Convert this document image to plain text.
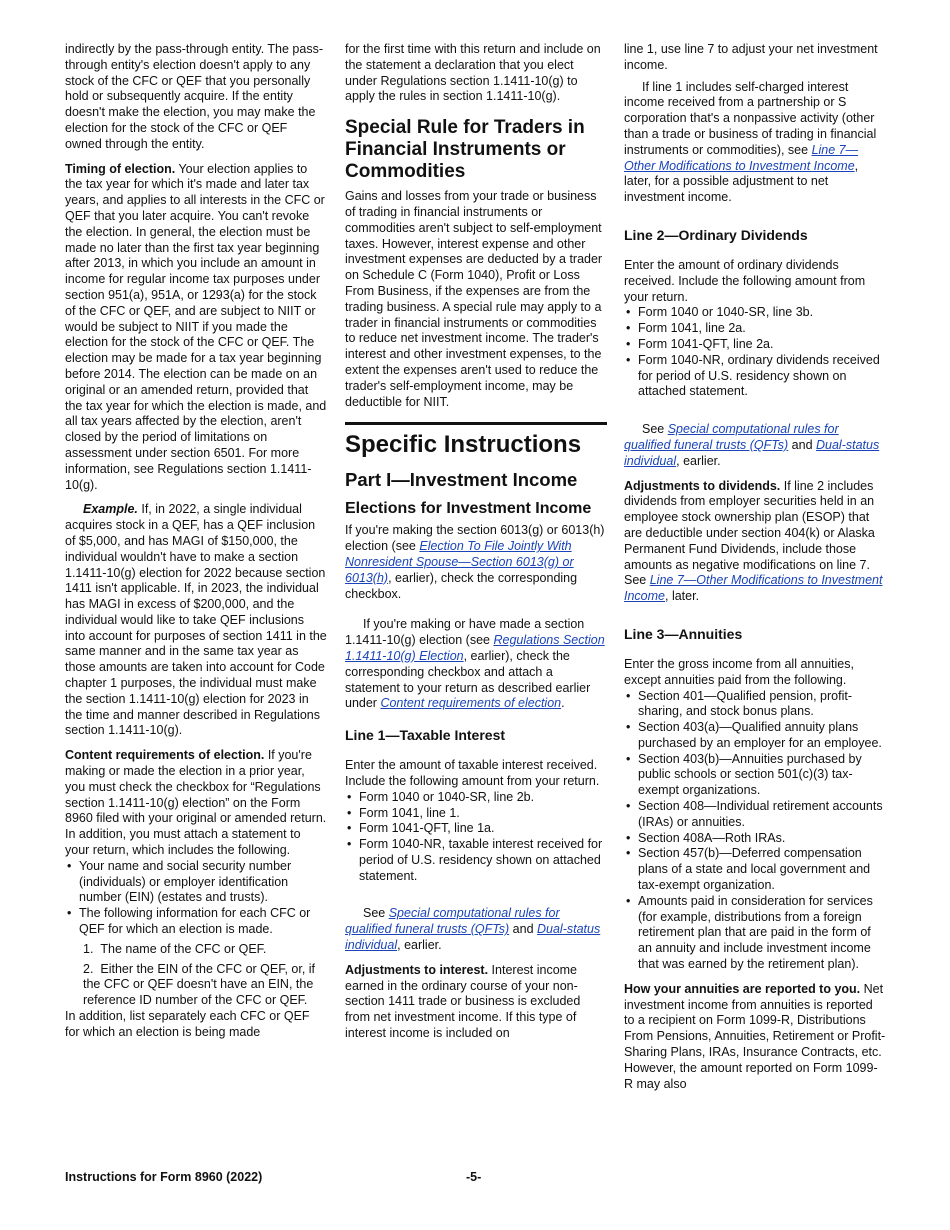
indirectly by the pass-through entity. The pass-through entity's election doesn't apply to any stock of the CFC or QEF that you personally hold or subsequently acquire. If the entity doesn't make the election, you may make the election for the stock of the CFC or QEF owned through the entity.

Timing of election. Your election applies to the tax year for which it's made and later tax years, and applies to all interests in the CFC or QEF that you later acquire. You can't revoke the election. In general, the election must be made no later than the first tax year beginning after 2013, in which you include an amount in income for regular income tax purposes under section 951(a), 951A, or 1293(a) for the stock of the CFC or QEF, and are subject to NIIT or would be subject to NIIT if you made the election for the stock of the CFC or QEF. The election may be made for a tax year beginning before 2014. The election can be made on an original or an amended return, provided that the tax year for which the election is made, and all tax years affected by the election, aren't closed by the period of limitations on assessment under section 6501. For more information, see Regulations section 1.1411-10(g).

Example. If, in 2022, a single individual acquires stock in a QEF, has a QEF inclusion of $5,000, and has MAGI of $150,000, the individual wouldn't have to make a section 1.1411-10(g) election for 2022 because section 1411 isn't applicable. If, in 2023, the individual has MAGI in excess of $200,000, and the individual would like to take QEF inclusions into account for purposes of section 1411 in the same manner and in the same tax year as those amounts are taken into account for Code chapter 1 purposes, the individual must make the section 1.1411-10(g) election for 2023 in the time and manner described in Regulations section 1.1411-10(g).

Content requirements of election. If you're making or made the election in a prior year, you must check the checkbox for “Regulations section 1.1411-10(g) election” on the Form 8960 filed with your original or amended return. In addition, you must attach a statement to your return, which includes the following.

• Your name and social security number (individuals) or employer identification number (EIN) (estates and trusts).

• The following information for each CFC or QEF for which an election is made.

1.  The name of the CFC or QEF.

2.  Either the EIN of the CFC or QEF, or, if the CFC or QEF doesn't have an EIN, the reference ID number of the CFC or QEF.

In addition, list separately each CFC or QEF for which an election is being made

for the first time with this return and include on the statement a declaration that you elect under Regulations section 1.1411-10(g) to apply the rules in section 1.1411-10(g).

Special Rule for Traders in Financial Instruments or Commodities

Gains and losses from your trade or business of trading in financial instruments or commodities aren't subject to self-employment taxes. However, interest expense and other investment expenses are deducted by a trader on Schedule C (Form 1040), Profit or Loss From Business, if the expenses are from the trading business. A special rule may apply to a trader in financial instruments or commodities to reduce net investment income. The trader's interest and other investment expenses, to the extent the expenses aren't used to reduce the trader's self-employment income, may be deductible for NIIT.

Specific Instructions
Part I—Investment Income
Elections for Investment Income

If you're making the section 6013(g) or 6013(h) election (see Election To File Jointly With Nonresident Spouse—Section 6013(g) or 6013(h), earlier), check the corresponding checkbox.

If you're making or have made a section 1.1411-10(g) election (see Regulations Section 1.1411-10(g) Election, earlier), check the corresponding checkbox and attach a statement to your return as described earlier under Content requirements of election.

Line 1—Taxable Interest

Enter the amount of taxable interest received. Include the following amount from your return.

• Form 1040 or 1040-SR, line 2b.

• Form 1041, line 1.

• Form 1041-QFT, line 1a.

• Form 1040-NR, taxable interest received for period of U.S. residency shown on attached statement.

See Special computational rules for qualified funeral trusts (QFTs) and Dual-status individual, earlier.

Adjustments to interest. Interest income earned in the ordinary course of your non-section 1411 trade or business is excluded from net investment income. If this type of interest income is included on

line 1, use line 7 to adjust your net investment income.

If line 1 includes self-charged interest income received from a partnership or S corporation that's a nonpassive activity (other than a trade or business of trading in financial instruments or commodities), see Line 7—Other Modifications to Investment Income, later, for a possible adjustment to net investment income.

Line 2—Ordinary Dividends

Enter the amount of ordinary dividends received. Include the following amount from your return.

• Form 1040 or 1040-SR, line 3b.

• Form 1041, line 2a.

• Form 1041-QFT, line 2a.

• Form 1040-NR, ordinary dividends received for period of U.S. residency shown on attached statement.

See Special computational rules for qualified funeral trusts (QFTs) and Dual-status individual, earlier.

Adjustments to dividends. If line 2 includes dividends from employer securities held in an employee stock ownership plan (ESOP) that are deductible under section 404(k) or Alaska Permanent Fund Dividends, include those amounts as negative modifications on line 7. See Line 7—Other Modifications to Investment Income, later.

Line 3—Annuities

Enter the gross income from all annuities, except annuities paid from the following.

• Section 401—Qualified pension, profit-sharing, and stock bonus plans.

• Section 403(a)—Qualified annuity plans purchased by an employer for an employee.

• Section 403(b)—Annuities purchased by public schools or section 501(c)(3) tax-exempt organizations.

• Section 408—Individual retirement accounts (IRAs) or annuities.

• Section 408A—Roth IRAs.

• Section 457(b)—Deferred compensation plans of a state and local government and tax-exempt organization.

• Amounts paid in consideration for services (for example, distributions from a foreign retirement plan that are paid in the form of an annuity and include investment income that was earned by the retirement plan).

How your annuities are reported to you. Net investment income from annuities is reported to a recipient on Form 1099-R, Distributions From Pensions, Annuities, Retirement or Profit-Sharing Plans, IRAs, Insurance Contracts, etc. However, the amount reported on Form 1099-R may also

Instructions for Form 8960 (2022)	-5-
